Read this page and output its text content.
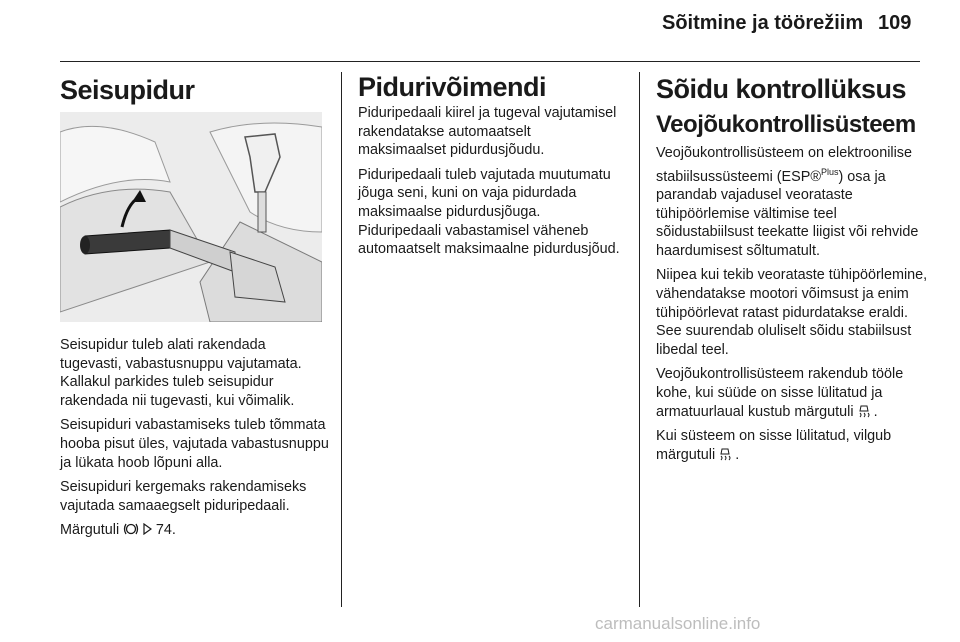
Sõitmine ja töörežiim 109
Seisupidur

Seisupidur tuleb alati rakendada tugevasti, vabastusnuppu vajutamata. Kallakul parkides tuleb seisupidur rakendada nii tugevasti, kui võimalik.

Seisupiduri vabastamiseks tuleb tõmmata hooba pisut üles, vajutada vabastusnuppu ja lükata hoob lõpuni alla.

Seisupiduri kergemaks rakendamiseks vajutada samaaegselt piduripedaali.

Märgutuli	74.

Pidurivõimendi

Piduripedaali kiirel ja tugeval vajutamisel rakendatakse automaatselt maksimaalset pidurdusjõudu.

Piduripedaali tuleb vajutada muutumatu jõuga seni, kuni on vaja pidurdada maksimaalse pidurdusjõuga. Piduripedaali vabastamisel väheneb automaatselt maksimaalne pidurdusjõud.

Sõidu kontrollüksus
Veojõukontrollisüsteem

Veojõukontrollisüsteem on elektroonilise stabiilsussüsteemi (ESP®$^{Plus}$) osa ja parandab vajadusel veorataste tühipöörlemise vältimise teel sõidustabiilsust teekatte liigist või rehvide haardumisest sõltumatult.

Niipea kui tekib veorataste tühipöörlemine, vähendatakse mootori võimsust ja enim tühipöörlevat ratast pidurdatakse eraldi. See suurendab oluliselt sõidu stabiilsust libedal teel.

Veojõukontrollisüsteem rakendub tööle kohe, kui süüde on sisse lülitatud ja armatuurlaual kustub märgutuli .

Kui süsteem on sisse lülitatud, vilgub märgutuli .

carmanualsonline.info
